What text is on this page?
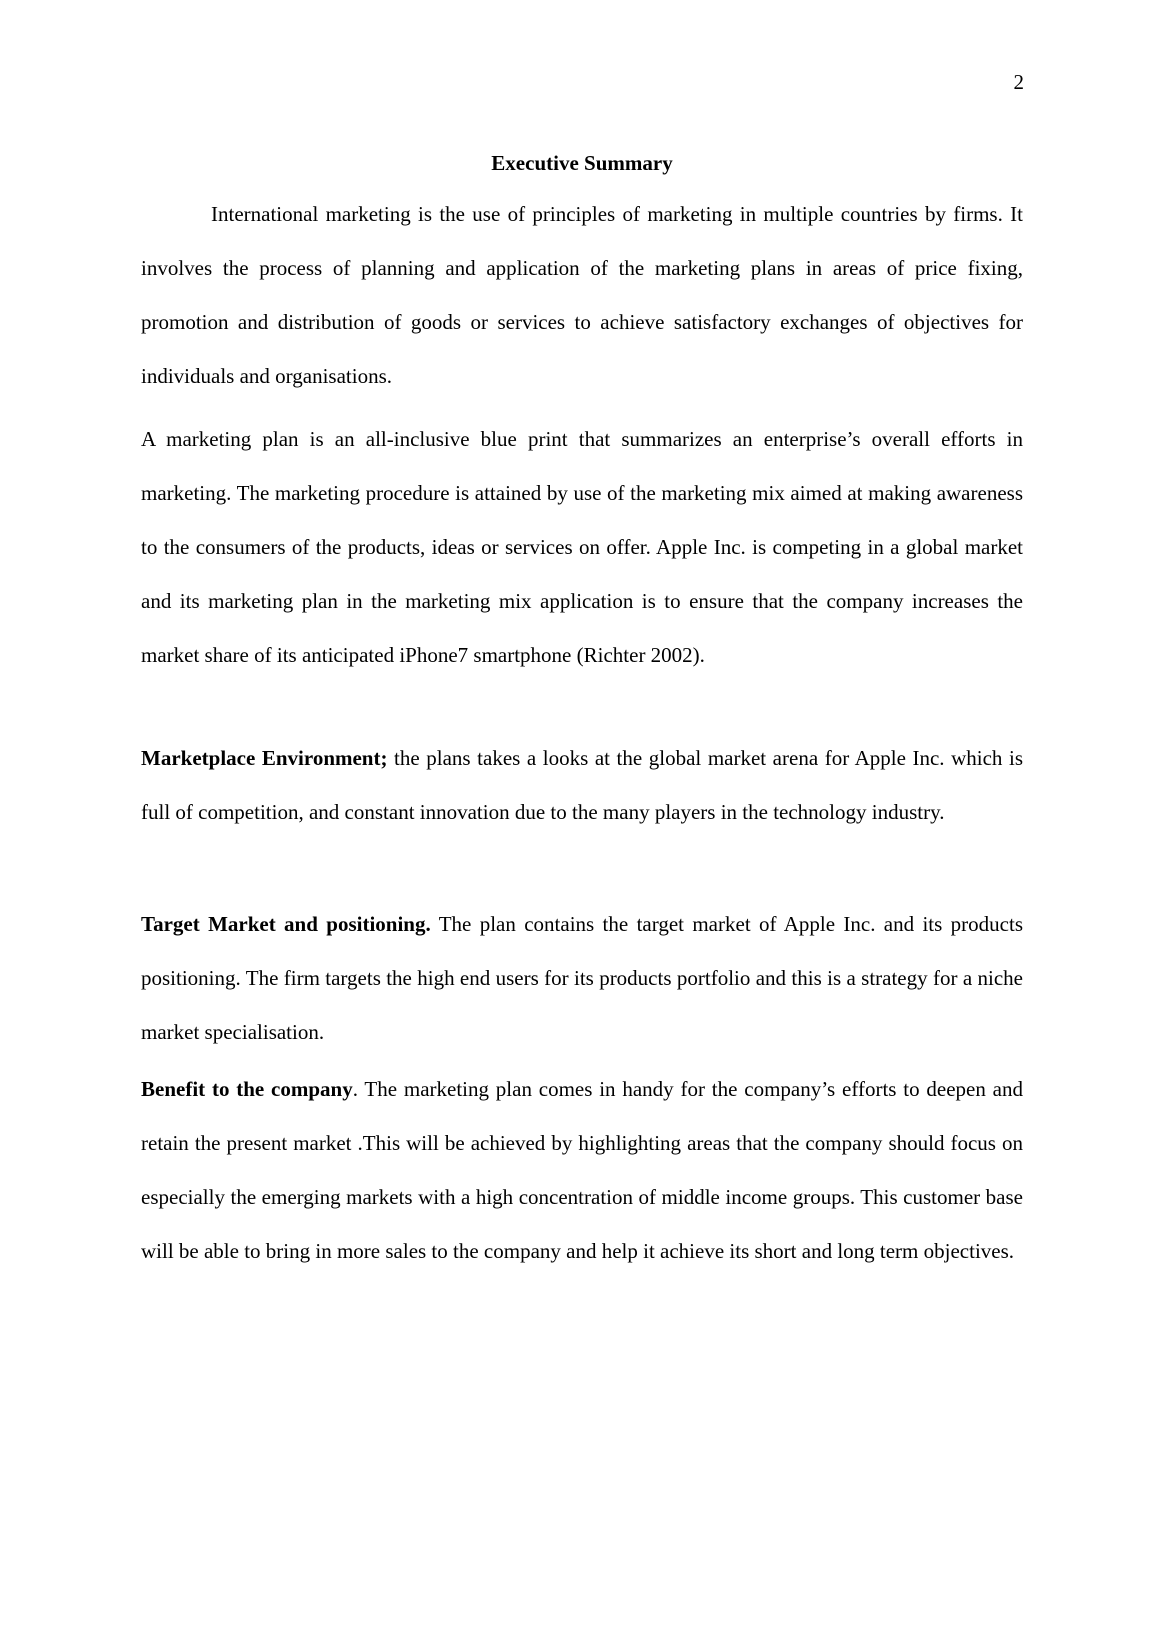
2
Executive Summary

International marketing is the use of principles of marketing in multiple countries by firms. It involves the process of planning and application of the marketing plans in areas of price fixing, promotion and distribution of goods or services to achieve satisfactory exchanges of objectives for individuals and organisations.

A marketing plan is an all-inclusive blue print that summarizes an enterprise’s overall efforts in marketing. The marketing procedure is attained by use of the marketing mix aimed at making awareness to the consumers of the products, ideas or services on offer. Apple Inc. is competing in a global market and its marketing plan in the marketing mix application is to ensure that the company increases the market share of its anticipated iPhone7 smartphone (Richter 2002).

Marketplace Environment; the plans takes a looks at the global market arena for Apple Inc. which is full of competition, and constant innovation due to the many players in the technology industry.

Target Market and positioning. The plan contains the target market of Apple Inc. and its products positioning. The firm targets the high end users for its products portfolio and this is a strategy for a niche market specialisation.

Benefit to the company. The marketing plan comes in handy for the company’s efforts to deepen and retain the present market .This will be achieved by highlighting areas that the company should focus on especially the emerging markets with a high concentration of middle income groups. This customer base will be able to bring in more sales to the company and help it achieve its short and long term objectives.
